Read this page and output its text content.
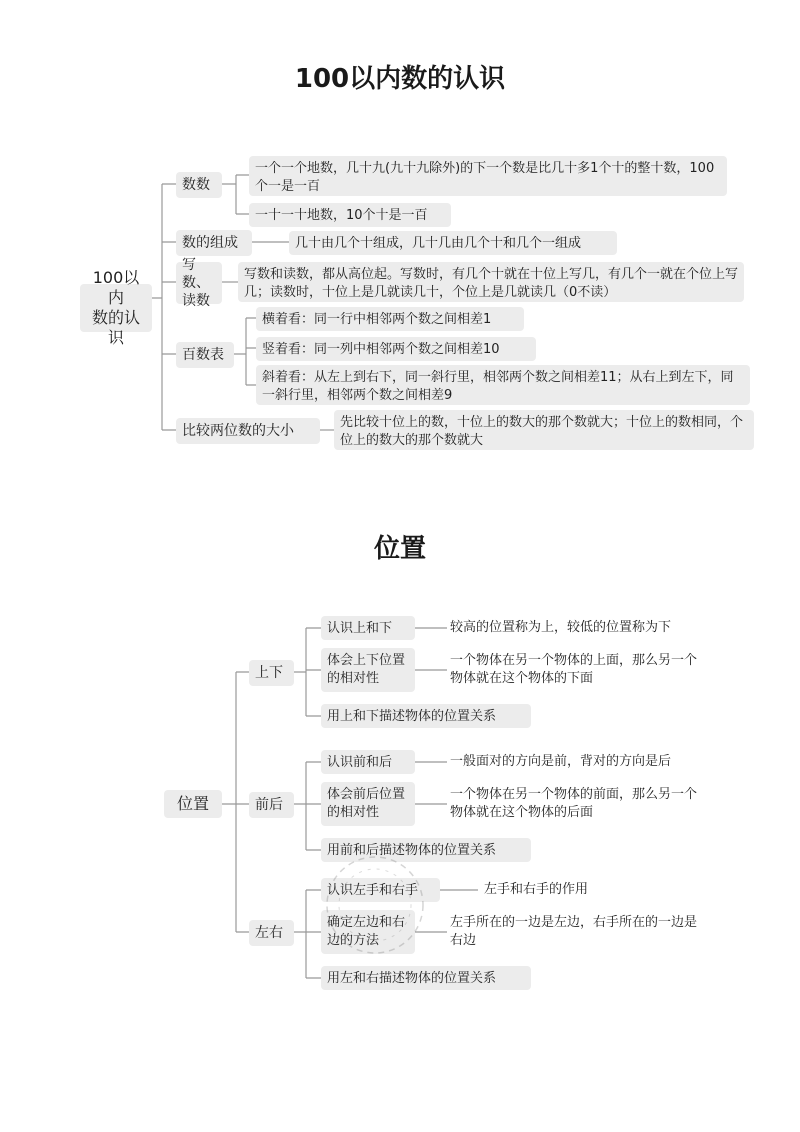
100以内数的认识
位置
100以内
数的认识
数数
一个一个地数，几十九(九十九除外)的下一个数是比几十多1个十的整十数，100个一是一百
一十一十地数，10个十是一百
数的组成	几十由几个十组成，几十几由几个十和几个一组成
写数、
读数
写数和读数，都从高位起。写数时，有几个十就在十位上写几，有几个一就在个位上写几；读数时，十位上是几就读几十，个位上是几就读几（0不读）
百数表
横着看：同一行中相邻两个数之间相差1
竖着看：同一列中相邻两个数之间相差10
斜着看：从左上到右下，同一斜行里，相邻两个数之间相差11；从右上到左下，同一斜行里，相邻两个数之间相差9
比较两位数的大小
先比较十位上的数，十位上的数大的那个数就大；十位上的数相同，个位上的数大的那个数就大
位置
上下
认识上和下	较高的位置称为上，较低的位置称为下
体会上下位置的相对性
一个物体在另一个物体的上面，那么另一个物体就在这个物体的下面
用上和下描述物体的位置关系
前后
认识前和后	一般面对的方向是前，背对的方向是后
体会前后位置的相对性
一个物体在另一个物体的前面，那么另一个物体就在这个物体的后面
用前和后描述物体的位置关系
左右
认识左手和右手	左手和右手的作用
确定左边和右边的方法
左手所在的一边是左边，右手所在的一边是右边
用左和右描述物体的位置关系
